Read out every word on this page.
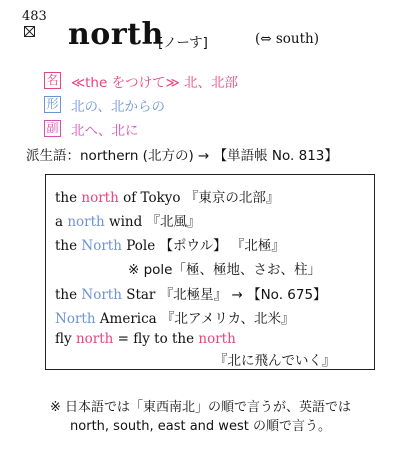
483
north
[ノーす]	(⇔ south)
名 ≪the をつけて≫ 北、北部
形 北の、北からの
副 北へ、北に
派生語：northern (北方の) → 【単語帳 No. 813】
the north of Tokyo 『東京の北部』
a north wind 『北風』
the North Pole 【ポウル】 『北極』
※ pole「極、極地、さお、柱」
the North Star 『北極星』 → 【No. 675】
North America 『北アメリカ、北米』
fly north = fly to the north
『北に飛んでいく』
※ 日本語では「東西南北」の順で言うが、英語では
north, south, east and west の順で言う。
